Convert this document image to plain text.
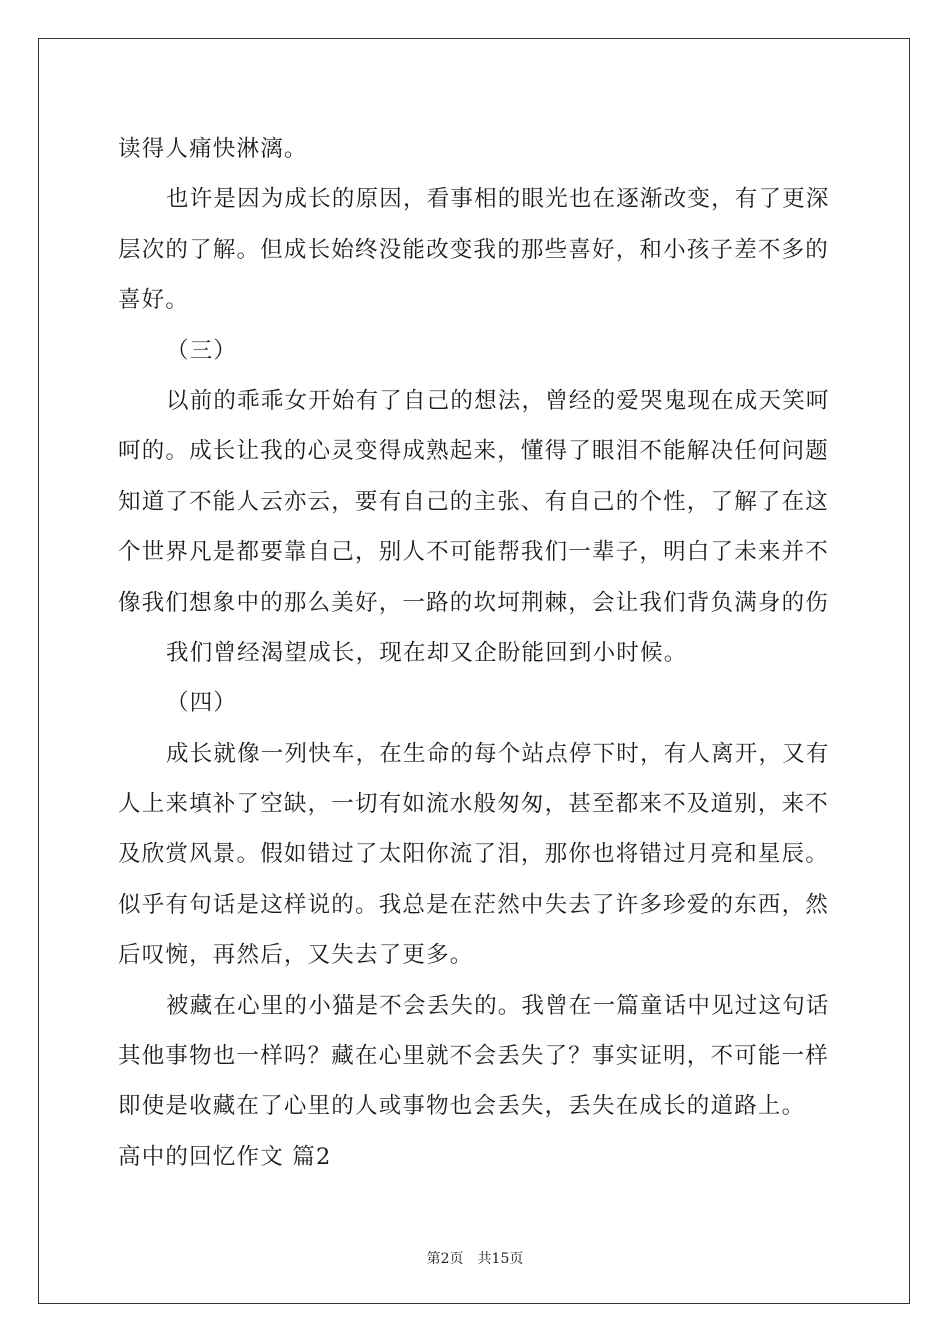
读得人痛快淋漓。
也许是因为成长的原因，看事相的眼光也在逐渐改变，有了更深
层次的了解。但成长始终没能改变我的那些喜好，和小孩子差不多的
喜好。
（三）
以前的乖乖女开始有了自己的想法，曾经的爱哭鬼现在成天笑呵
呵的。成长让我的心灵变得成熟起来，懂得了眼泪不能解决任何问题
知道了不能人云亦云，要有自己的主张、有自己的个性，了解了在这
个世界凡是都要靠自己，别人不可能帮我们一辈子，明白了未来并不
像我们想象中的那么美好，一路的坎坷荆棘，会让我们背负满身的伤
我们曾经渴望成长，现在却又企盼能回到小时候。
（四）
成长就像一列快车，在生命的每个站点停下时，有人离开，又有
人上来填补了空缺，一切有如流水般匆匆，甚至都来不及道别，来不
及欣赏风景。假如错过了太阳你流了泪，那你也将错过月亮和星辰。
似乎有句话是这样说的。我总是在茫然中失去了许多珍爱的东西，然
后叹惋，再然后，又失去了更多。
被藏在心里的小猫是不会丢失的。我曾在一篇童话中见过这句话
其他事物也一样吗？藏在心里就不会丢失了？事实证明，不可能一样
即使是收藏在了心里的人或事物也会丢失，丢失在成长的道路上。
高中的回忆作文 篇2
第2页　共15页
